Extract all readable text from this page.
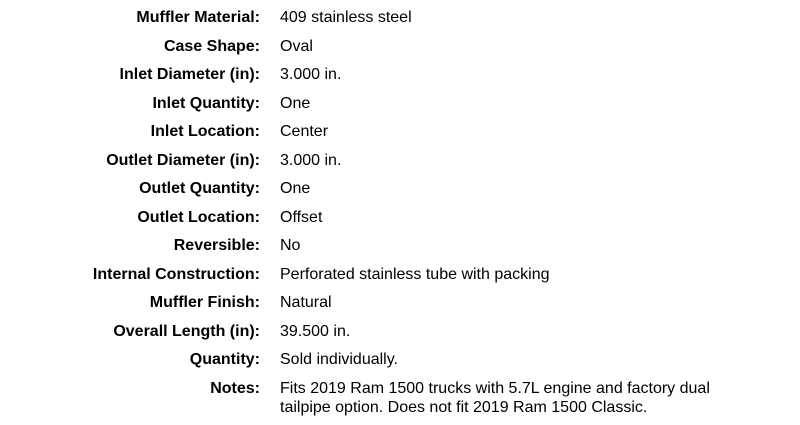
Muffler Material: 409 stainless steel
Case Shape: Oval
Inlet Diameter (in): 3.000 in.
Inlet Quantity: One
Inlet Location: Center
Outlet Diameter (in): 3.000 in.
Outlet Quantity: One
Outlet Location: Offset
Reversible: No
Internal Construction: Perforated stainless tube with packing
Muffler Finish: Natural
Overall Length (in): 39.500 in.
Quantity: Sold individually.
Notes: Fits 2019 Ram 1500 trucks with 5.7L engine and factory dual tailpipe option. Does not fit 2019 Ram 1500 Classic.
